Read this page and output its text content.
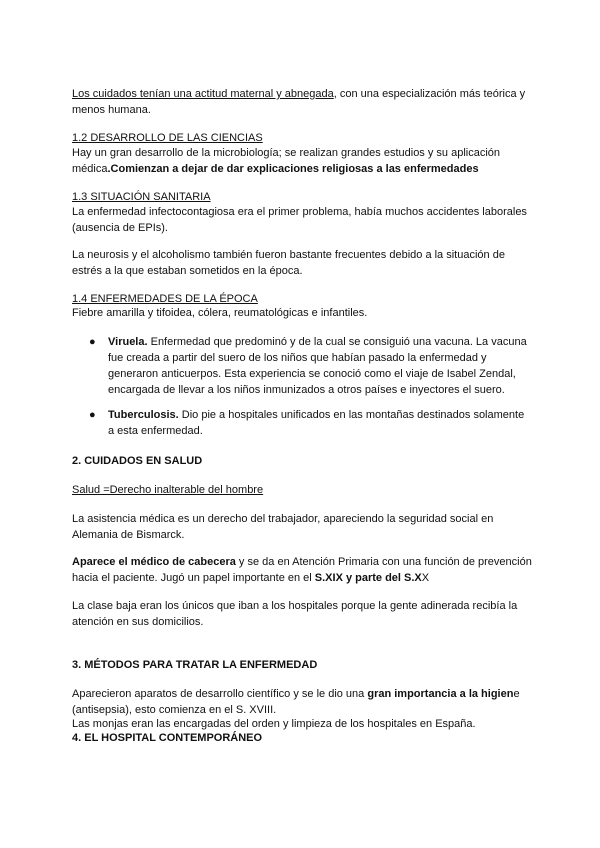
Los cuidados tenían una actitud maternal y abnegada, con una especialización más teórica y menos humana.
1.2 DESARROLLO DE LAS CIENCIAS
Hay un gran desarrollo de la microbiología; se realizan grandes estudios y su aplicación médica.Comienzan a dejar de dar explicaciones religiosas a las enfermedades
1.3 SITUACIÓN SANITARIA
La enfermedad infectocontagiosa era el primer problema, había muchos accidentes laborales (ausencia de EPIs).
La neurosis y el alcoholismo también fueron bastante frecuentes debido a la situación de estrés a la que estaban sometidos en la época.
1.4 ENFERMEDADES DE LA ÉPOCA
Fiebre amarilla y tifoidea, cólera, reumatológicas e infantiles.
● Viruela. Enfermedad que predominó y de la cual se consiguió una vacuna. La vacuna fue creada a partir del suero de los niños que habían pasado la enfermedad y generaron anticuerpos. Esta experiencia se conoció como el viaje de Isabel Zendal, encargada de llevar a los niños inmunizados a otros países e inyectores el suero.
● Tuberculosis. Dio pie a hospitales unificados en las montañas destinados solamente a esta enfermedad.
2. CUIDADOS EN SALUD
Salud =Derecho inalterable del hombre
La asistencia médica es un derecho del trabajador, apareciendo la seguridad social en Alemania de Bismarck.
Aparece el médico de cabecera y se da en Atención Primaria con una función de prevención hacia el paciente. Jugó un papel importante en el S.XIX y parte del S.XX
La clase baja eran los únicos que iban a los hospitales porque la gente adinerada recibía la atención en sus domicilios.
3. MÉTODOS PARA TRATAR LA ENFERMEDAD
Aparecieron aparatos de desarrollo científico y se le dio una gran importancia a la higiene (antisepsia), esto comienza en el S. XVIII.
Las monjas eran las encargadas del orden y limpieza de los hospitales en España.
4. EL HOSPITAL CONTEMPORÁNEO
